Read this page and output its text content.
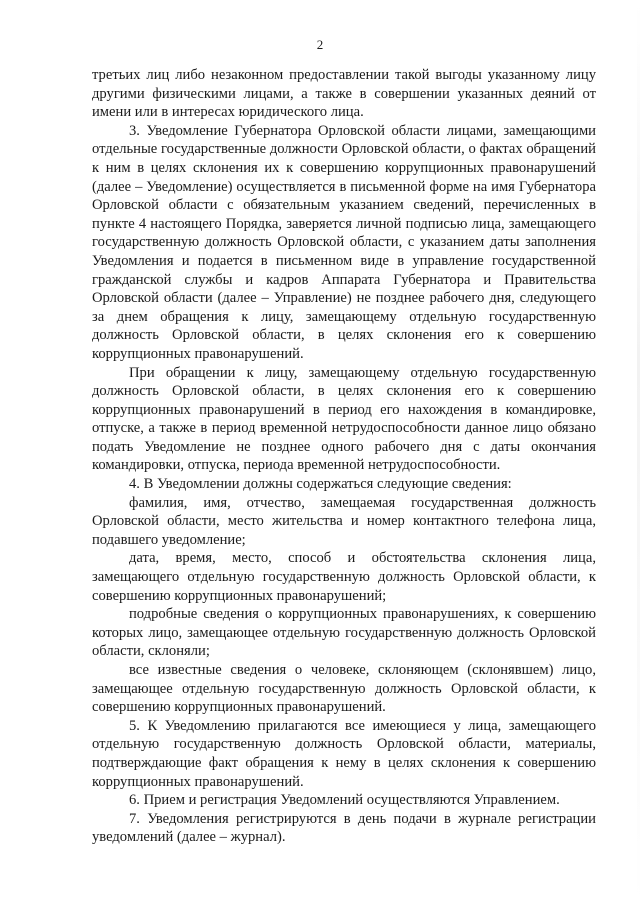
2

третьих лиц либо незаконном предоставлении такой выгоды указанному лицу другими физическими лицами, а также в совершении указанных деяний от имени или в интересах юридического лица.

3. Уведомление Губернатора Орловской области лицами, замещающими отдельные государственные должности Орловской области, о фактах обращений к ним в целях склонения их к совершению коррупционных правонарушений (далее – Уведомление) осуществляется в письменной форме на имя Губернатора Орловской области с обязательным указанием сведений, перечисленных в пункте 4 настоящего Порядка, заверяется личной подписью лица, замещающего государственную должность Орловской области, с указанием даты заполнения Уведомления и подается в письменном виде в управление государственной гражданской службы и кадров Аппарата Губернатора и Правительства Орловской области (далее – Управление) не позднее рабочего дня, следующего за днем обращения к лицу, замещающему отдельную государственную должность Орловской области, в целях склонения его к совершению коррупционных правонарушений.

При обращении к лицу, замещающему отдельную государственную должность Орловской области, в целях склонения его к совершению коррупционных правонарушений в период его нахождения в командировке, отпуске, а также в период временной нетрудоспособности данное лицо обязано подать Уведомление не позднее одного рабочего дня с даты окончания командировки, отпуска, периода временной нетрудоспособности.

4. В Уведомлении должны содержаться следующие сведения:

фамилия, имя, отчество, замещаемая государственная должность Орловской области, место жительства и номер контактного телефона лица, подавшего уведомление;

дата, время, место, способ и обстоятельства склонения лица, замещающего отдельную государственную должность Орловской области, к совершению коррупционных правонарушений;

подробные сведения о коррупционных правонарушениях, к совершению которых лицо, замещающее отдельную государственную должность Орловской области, склоняли;

все известные сведения о человеке, склоняющем (склонявшем) лицо, замещающее отдельную государственную должность Орловской области, к совершению коррупционных правонарушений.

5. К Уведомлению прилагаются все имеющиеся у лица, замещающего отдельную государственную должность Орловской области, материалы, подтверждающие факт обращения к нему в целях склонения к совершению коррупционных правонарушений.

6. Прием и регистрация Уведомлений осуществляются Управлением.

7. Уведомления регистрируются в день подачи в журнале регистрации уведомлений (далее – журнал).
